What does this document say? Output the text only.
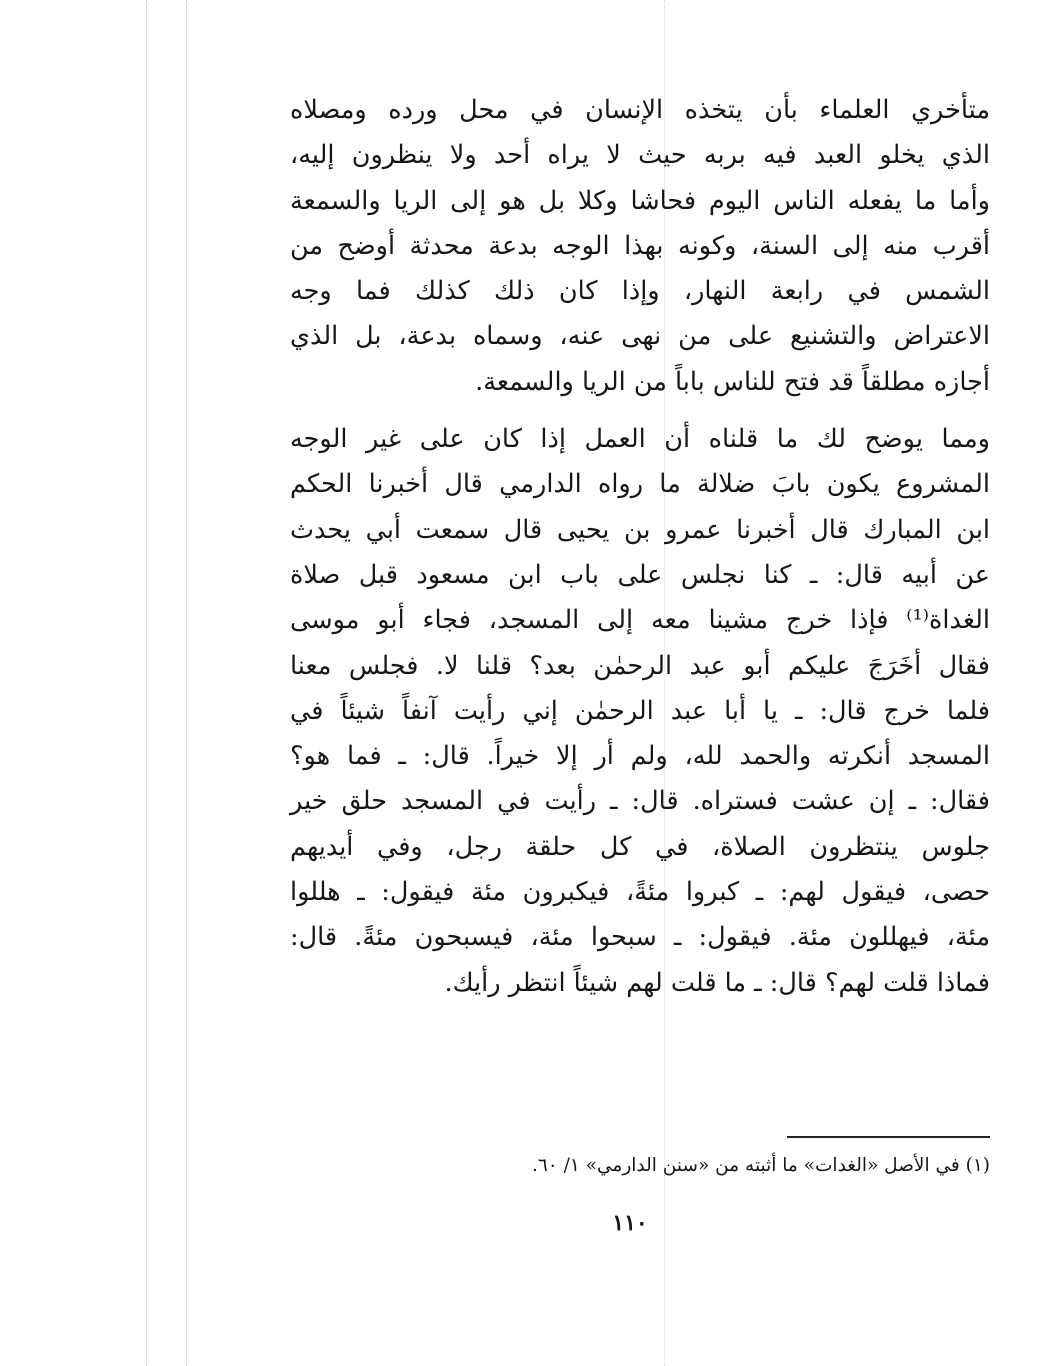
متأخري العلماء بأن يتخذه الإنسان في محل ورده ومصلاه
الذي يخلو العبد فيه بربه حيث لا يراه أحد ولا ينظرون إليه،
وأما ما يفعله الناس اليوم فحاشا وكلا بل هو إلى الريا والسمعة
أقرب منه إلى السنة، وكونه بهذا الوجه بدعة محدثة أوضح من
الشمس في رابعة النهار، وإذا كان ذلك كذلك فما وجه
الاعتراض والتشنيع على من نهى عنه، وسماه بدعة، بل الذي
أجازه مطلقاً قد فتح للناس باباً من الريا والسمعة.
ومما يوضح لك ما قلناه أن العمل إذا كان على غير الوجه
المشروع يكون بابَ ضلالة ما رواه الدارمي قال أخبرنا الحكم
ابن المبارك قال أخبرنا عمرو بن يحيى قال سمعت أبي يحدث
عن أبيه قال: ـ كنا نجلس على باب ابن مسعود قبل صلاة
الغداة⁽¹⁾ فإذا خرج مشينا معه إلى المسجد، فجاء أبو موسى
فقال أخَرَجَ عليكم أبو عبد الرحمٰن بعد؟ قلنا لا. فجلس معنا
فلما خرج قال: ـ يا أبا عبد الرحمٰن إني رأيت آنفاً شيئاً في
المسجد أنكرته والحمد لله، ولم أر إلا خيراً. قال: ـ فما هو؟
فقال: ـ إن عشت فستراه. قال: ـ رأيت في المسجد حلق خير
جلوس ينتظرون الصلاة، في كل حلقة رجل، وفي أيديهم
حصى، فيقول لهم: ـ كبروا مئةً، فيكبرون مئة فيقول: ـ هللوا
مئة، فيهللون مئة. فيقول: ـ سبحوا مئة، فيسبحون مئةً. قال:
فماذا قلت لهم؟ قال: ـ ما قلت لهم شيئاً انتظر رأيك.
(١) في الأصل «الغدات» ما أثبته من «سنن الدارمي» ١/ ٦٠.
١١٠
